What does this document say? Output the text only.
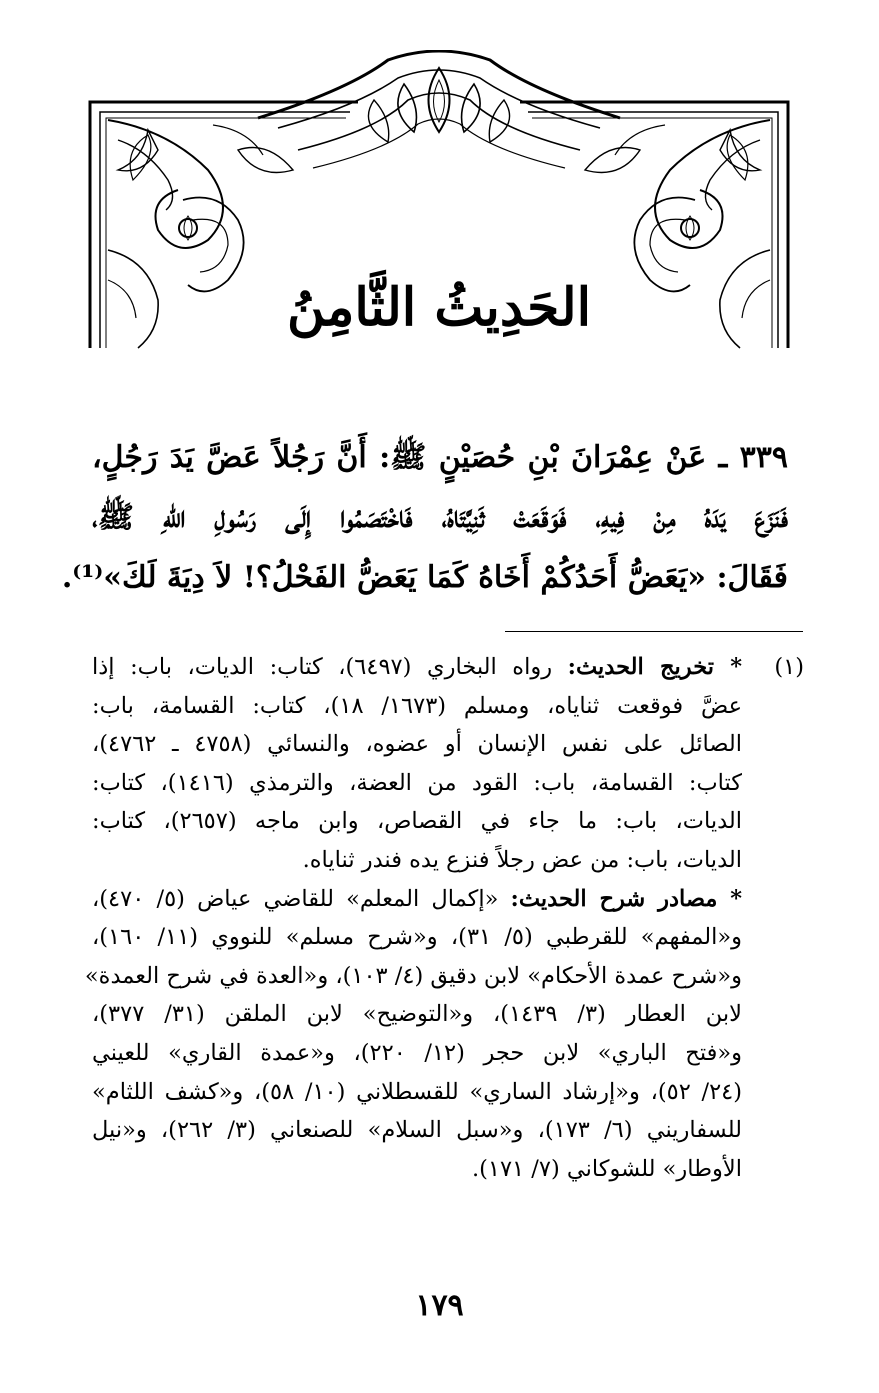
الحَدِيثُ الثَّامِنُ
٣٣٩ ـ عَنْ عِمْرَانَ بْنِ حُصَيْنٍ ﷺ: أَنَّ رَجُلاً عَضَّ يَدَ رَجُلٍ،
فَنَزَعَ يَدَهُ مِنْ فِيهِ، فَوَقَعَتْ ثَنِيَّتَاهُ، فَاخْتَصَمُوا إِلَى رَسُولِ اللهِ ﷺ،
فَقَالَ: «يَعَضُّ أَحَدُكُمْ أَخَاهُ كَمَا يَعَضُّ الفَحْلُ؟! لاَ دِيَةَ لَكَ»⁽¹⁾.
(١)
* تخريج الحديث: رواه البخاري (٦٤٩٧)، كتاب: الديات، باب: إذا
عضَّ فوقعت ثناياه، ومسلم (١٦٧٣/ ١٨)، كتاب: القسامة، باب:
الصائل على نفس الإنسان أو عضوه، والنسائي (٤٧٥٨ ـ ٤٧٦٢)،
كتاب: القسامة، باب: القود من العضة، والترمذي (١٤١٦)، كتاب:
الديات، باب: ما جاء في القصاص، وابن ماجه (٢٦٥٧)، كتاب:
الديات، باب: من عض رجلاً فنزع يده فندر ثناياه.
* مصادر شرح الحديث: «إكمال المعلم» للقاضي عياض (٥/ ٤٧٠)،
و«المفهم» للقرطبي (٥/ ٣١)، و«شرح مسلم» للنووي (١١/ ١٦٠)،
و«شرح عمدة الأحكام» لابن دقيق (٤/ ١٠٣)، و«العدة في شرح العمدة»
لابن العطار (٣/ ١٤٣٩)، و«التوضيح» لابن الملقن (٣١/ ٣٧٧)،
و«فتح الباري» لابن حجر (١٢/ ٢٢٠)، و«عمدة القاري» للعيني
(٢٤/ ٥٢)، و«إرشاد الساري» للقسطلاني (١٠/ ٥٨)، و«كشف اللثام»
للسفاريني (٦/ ١٧٣)، و«سبل السلام» للصنعاني (٣/ ٢٦٢)، و«نيل
الأوطار» للشوكاني (٧/ ١٧١).
١٧٩
